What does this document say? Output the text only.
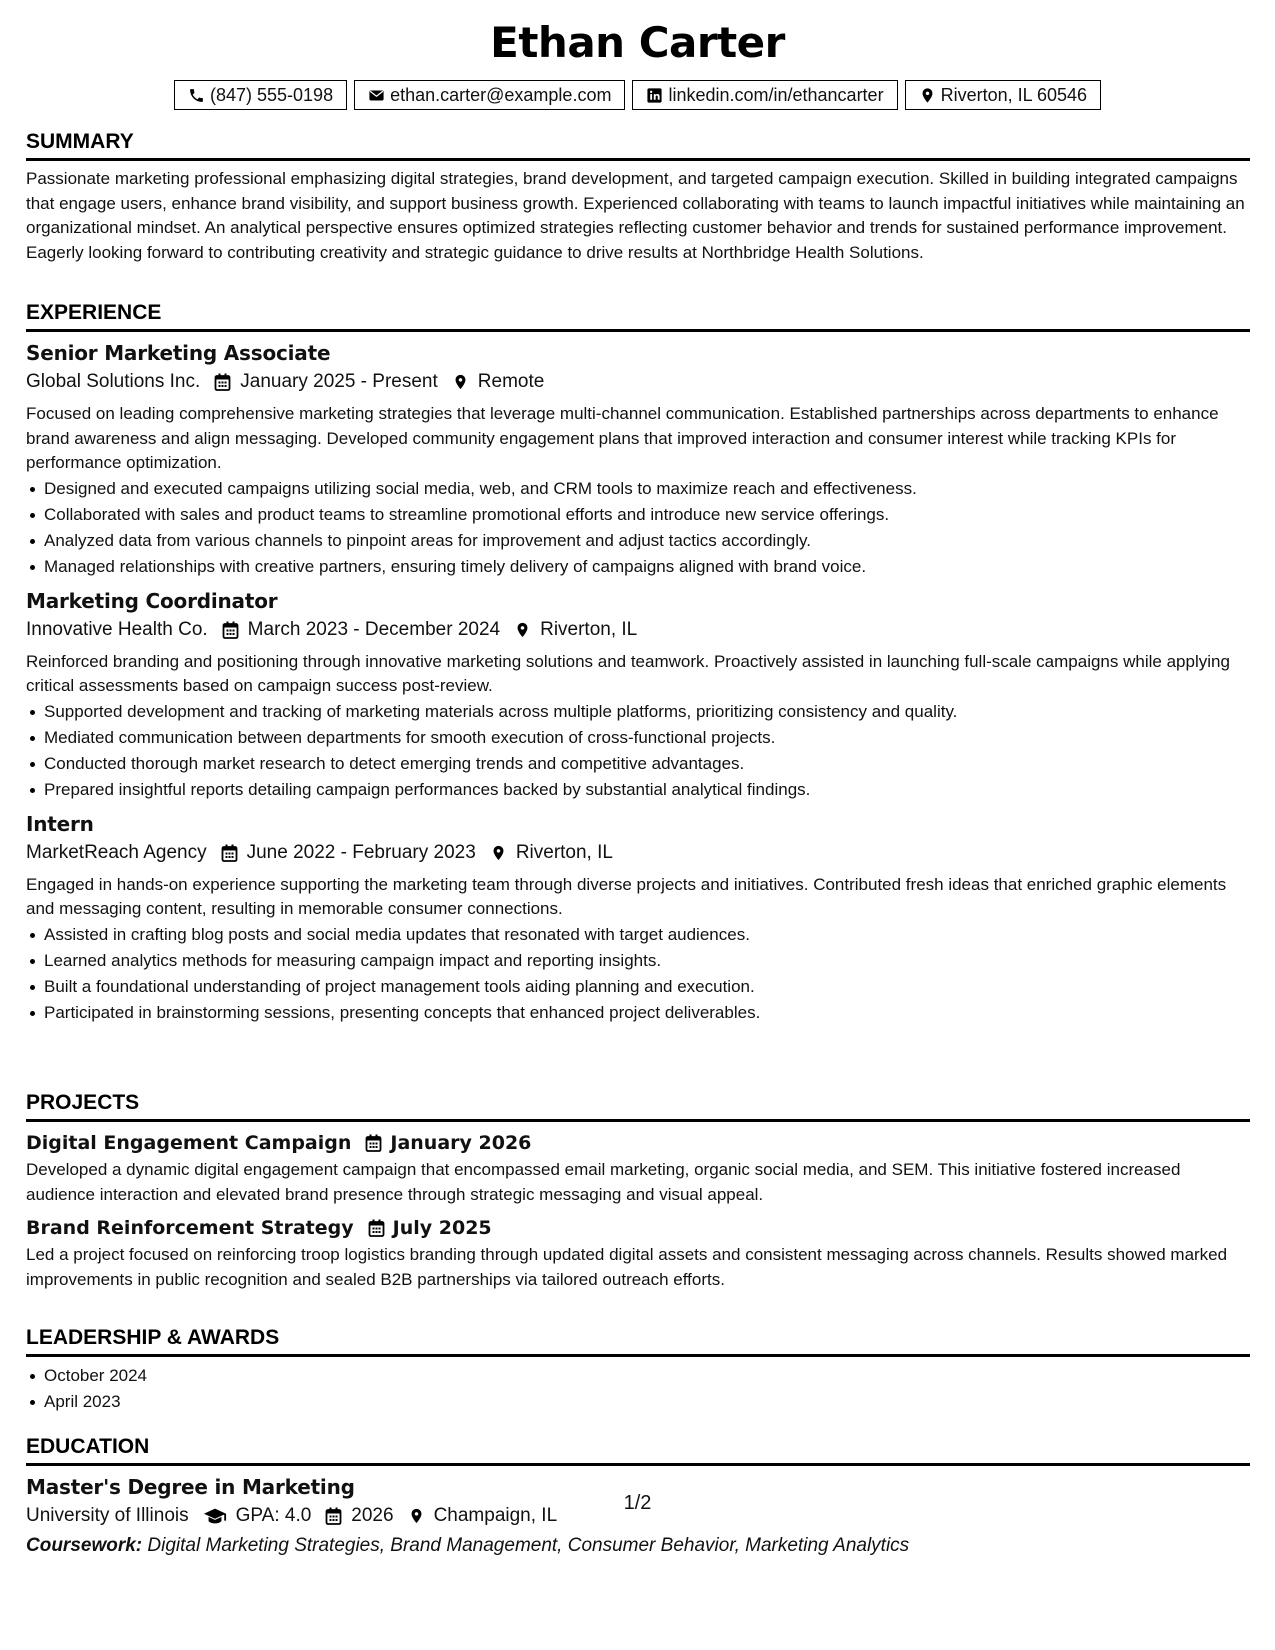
Ethan Carter
(847) 555-0198	ethan.carter@example.com	linkedin.com/in/ethancarter	Riverton, IL 60546
SUMMARY

Passionate marketing professional emphasizing digital strategies, brand development, and targeted campaign execution. Skilled in building integrated campaigns that engage users, enhance brand visibility, and support business growth. Experienced collaborating with teams to launch impactful initiatives while maintaining an organizational mindset. An analytical perspective ensures optimized strategies reflecting customer behavior and trends for sustained performance improvement. Eagerly looking forward to contributing creativity and strategic guidance to drive results at Northbridge Health Solutions.

EXPERIENCE
Senior Marketing Associate
Global Solutions Inc. January 2025 - Present Remote

Focused on leading comprehensive marketing strategies that leverage multi-channel communication. Established partnerships across departments to enhance brand awareness and align messaging. Developed community engagement plans that improved interaction and consumer interest while tracking KPIs for performance optimization.

Designed and executed campaigns utilizing social media, web, and CRM tools to maximize reach and effectiveness.
Collaborated with sales and product teams to streamline promotional efforts and introduce new service offerings.
Analyzed data from various channels to pinpoint areas for improvement and adjust tactics accordingly.
Managed relationships with creative partners, ensuring timely delivery of campaigns aligned with brand voice.
Marketing Coordinator
Innovative Health Co. March 2023 - December 2024 Riverton, IL

Reinforced branding and positioning through innovative marketing solutions and teamwork. Proactively assisted in launching full-scale campaigns while applying critical assessments based on campaign success post-review.

Supported development and tracking of marketing materials across multiple platforms, prioritizing consistency and quality.
Mediated communication between departments for smooth execution of cross-functional projects.
Conducted thorough market research to detect emerging trends and competitive advantages.
Prepared insightful reports detailing campaign performances backed by substantial analytical findings.
Intern
MarketReach Agency June 2022 - February 2023 Riverton, IL

Engaged in hands-on experience supporting the marketing team through diverse projects and initiatives. Contributed fresh ideas that enriched graphic elements and messaging content, resulting in memorable consumer connections.

Assisted in crafting blog posts and social media updates that resonated with target audiences.
Learned analytics methods for measuring campaign impact and reporting insights.
Built a foundational understanding of project management tools aiding planning and execution.
Participated in brainstorming sessions, presenting concepts that enhanced project deliverables.
PROJECTS
Digital Engagement Campaign January 2026

Developed a dynamic digital engagement campaign that encompassed email marketing, organic social media, and SEM. This initiative fostered increased audience interaction and elevated brand presence through strategic messaging and visual appeal.

Brand Reinforcement Strategy July 2025

Led a project focused on reinforcing troop logistics branding through updated digital assets and consistent messaging across channels. Results showed marked improvements in public recognition and sealed B2B partnerships via tailored outreach efforts.

LEADERSHIP & AWARDS
October 2024
April 2023
EDUCATION
Master's Degree in Marketing
University of Illinois GPA: 4.0 2026 Champaign, IL
Coursework: Digital Marketing Strategies, Brand Management, Consumer Behavior, Marketing Analytics
1/2
